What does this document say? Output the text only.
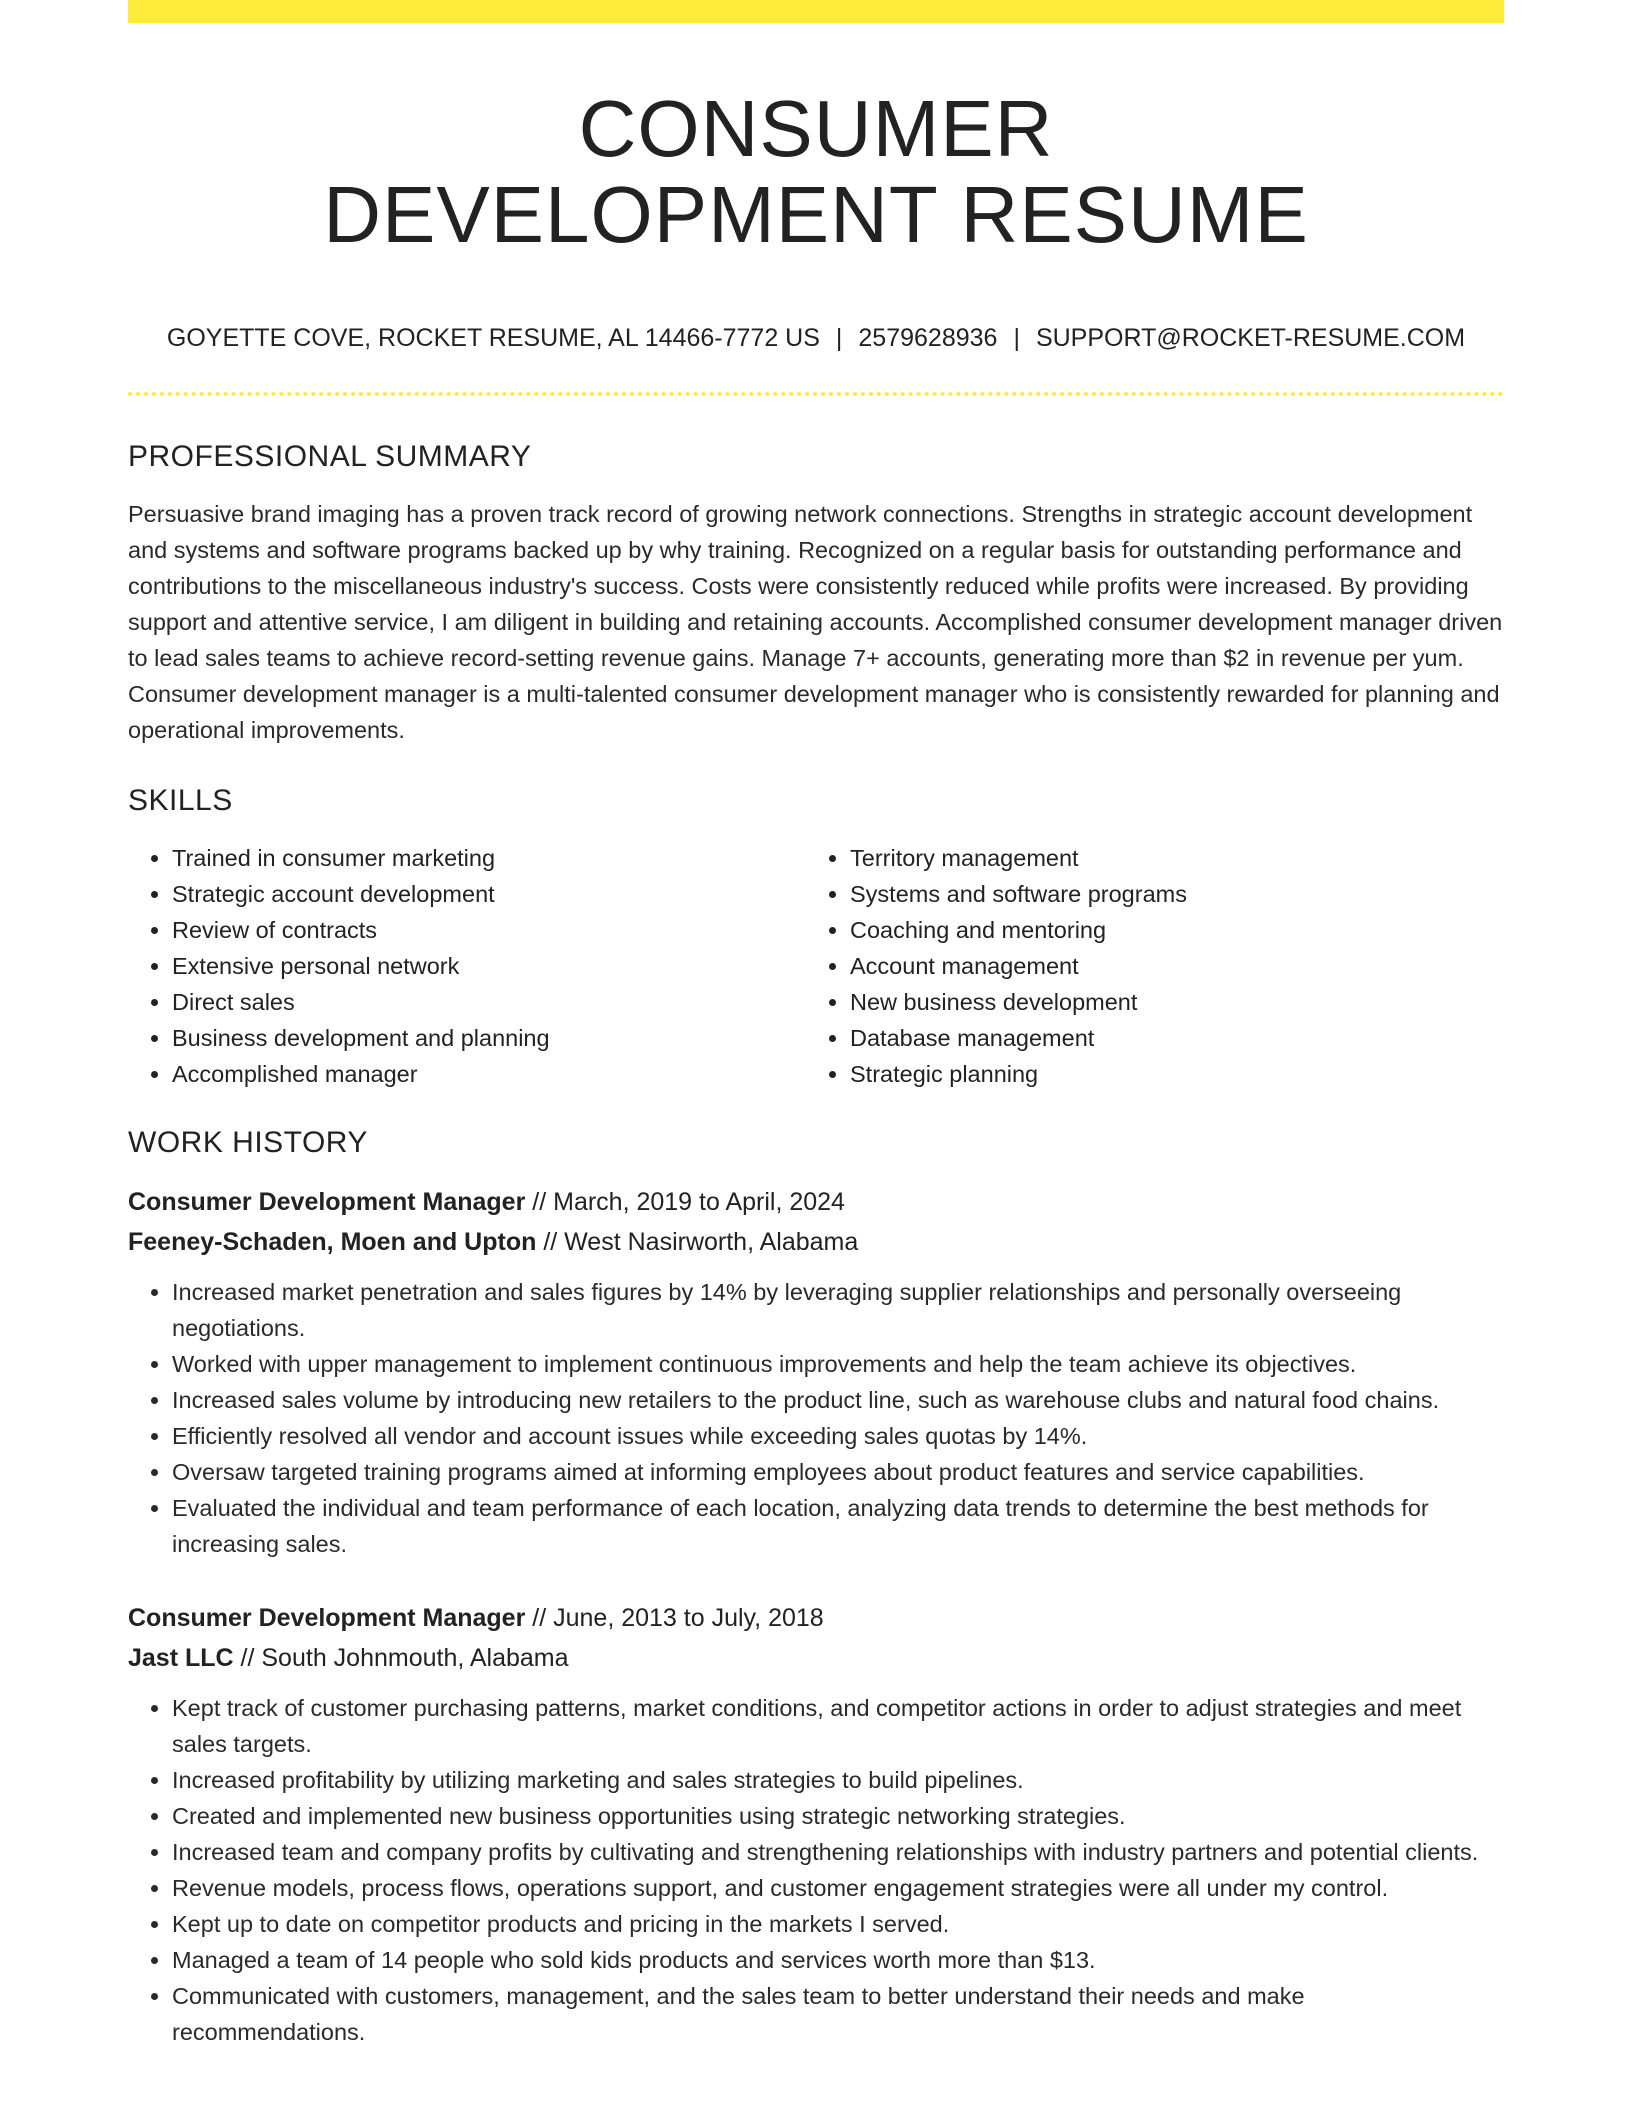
CONSUMER
DEVELOPMENT RESUME
GOYETTE COVE, ROCKET RESUME, AL 14466-7772 US | 2579628936 | SUPPORT@ROCKET-RESUME.COM
PROFESSIONAL SUMMARY

Persuasive brand imaging has a proven track record of growing network connections. Strengths in strategic account development and systems and software programs backed up by why training. Recognized on a regular basis for outstanding performance and contributions to the miscellaneous industry's success. Costs were consistently reduced while profits were increased. By providing support and attentive service, I am diligent in building and retaining accounts. Accomplished consumer development manager driven to lead sales teams to achieve record-setting revenue gains. Manage 7+ accounts, generating more than $2 in revenue per yum. Consumer development manager is a multi-talented consumer development manager who is consistently rewarded for planning and operational improvements.

SKILLS
• Trained in consumer marketing
• Strategic account development
• Review of contracts
• Extensive personal network
• Direct sales
• Business development and planning
• Accomplished manager
• Territory management
• Systems and software programs
• Coaching and mentoring
• Account management
• New business development
• Database management
• Strategic planning
WORK HISTORY
Consumer Development Manager // March, 2019 to April, 2024
Feeney-Schaden, Moen and Upton // West Nasirworth, Alabama
• Increased market penetration and sales figures by 14% by leveraging supplier relationships and personally overseeing negotiations.
• Worked with upper management to implement continuous improvements and help the team achieve its objectives.
• Increased sales volume by introducing new retailers to the product line, such as warehouse clubs and natural food chains.
• Efficiently resolved all vendor and account issues while exceeding sales quotas by 14%.
• Oversaw targeted training programs aimed at informing employees about product features and service capabilities.
• Evaluated the individual and team performance of each location, analyzing data trends to determine the best methods for increasing sales.
Consumer Development Manager // June, 2013 to July, 2018
Jast LLC // South Johnmouth, Alabama
• Kept track of customer purchasing patterns, market conditions, and competitor actions in order to adjust strategies and meet sales targets.
• Increased profitability by utilizing marketing and sales strategies to build pipelines.
• Created and implemented new business opportunities using strategic networking strategies.
• Increased team and company profits by cultivating and strengthening relationships with industry partners and potential clients.
• Revenue models, process flows, operations support, and customer engagement strategies were all under my control.
• Kept up to date on competitor products and pricing in the markets I served.
• Managed a team of 14 people who sold kids products and services worth more than $13.
• Communicated with customers, management, and the sales team to better understand their needs and make recommendations.
